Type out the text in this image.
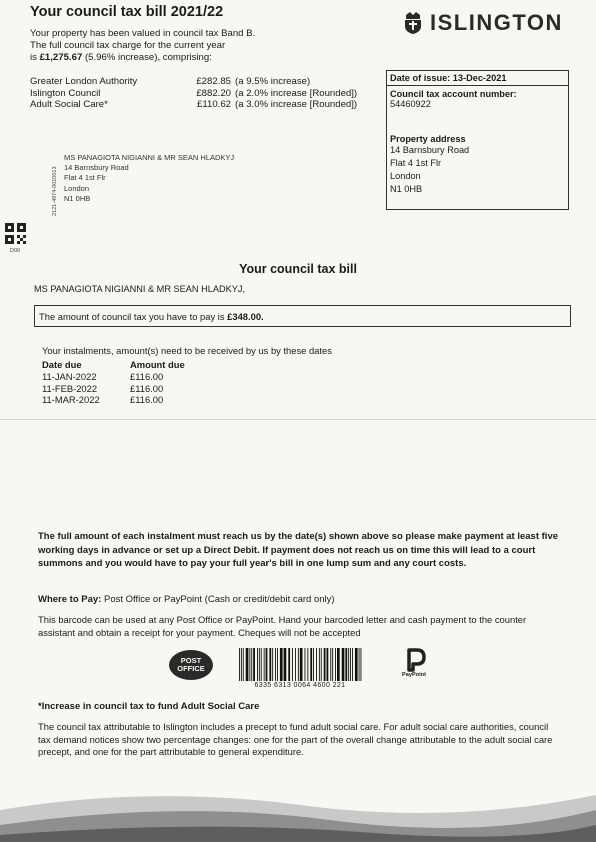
Your council tax bill 2021/22	ISLINGTON
Your property has been valued in council tax Band B.
The full council tax charge for the current year
is £1,275.67 (5.96% increase), comprising:
Greater London Authority	£282.85 (a 9.5% increase)
Islington Council	£882.20 (a 2.0% increase [Rounded])
Adult Social Care*	£110.62 (a 3.0% increase [Rounded])
Date of issue: 13-Dec-2021
Council tax account number:
54460922
Property address
14 Barnsbury Road
Flat 4 1st Flr
London
N1 0HB
2121-4974-0010013
MS PANAGIOTA NIGIANNI & MR SEAN HLADKYJ
14 Barnsbury Road
Flat 4 1st Flr
London
N1 0HB
D00
Your council tax bill
MS PANAGIOTA NIGIANNI & MR SEAN HLADKYJ,
The amount of council tax you have to pay is £348.00.
Your instalments, amount(s) need to be received by us by these dates
Date due	Amount due
11-JAN-2022	£116.00
11-FEB-2022	£116.00
11-MAR-2022	£116.00
The full amount of each instalment must reach us by the date(s) shown above so please make payment at least five working days in advance or set up a Direct Debit. If payment does not reach us on time this will lead to a court summons and you would have to pay your full year's bill in one lump sum and any court costs.
Where to Pay: Post Office or PayPoint (Cash or credit/debit card only)
This barcode can be used at any Post Office or PayPoint. Hand your barcoded letter and cash payment to the counter assistant and obtain a receipt for your payment. Cheques will not be accepted
POST
OFFICE
6335 6313 0064 4600 221
PayPoint
*Increase in council tax to fund Adult Social Care
The council tax attributable to Islington includes a precept to fund adult social care. For adult social care authorities, council tax demand notices show two percentage changes: one for the part of the overall change attributable to the adult social care precept, and one for the part attributable to general expenditure.
